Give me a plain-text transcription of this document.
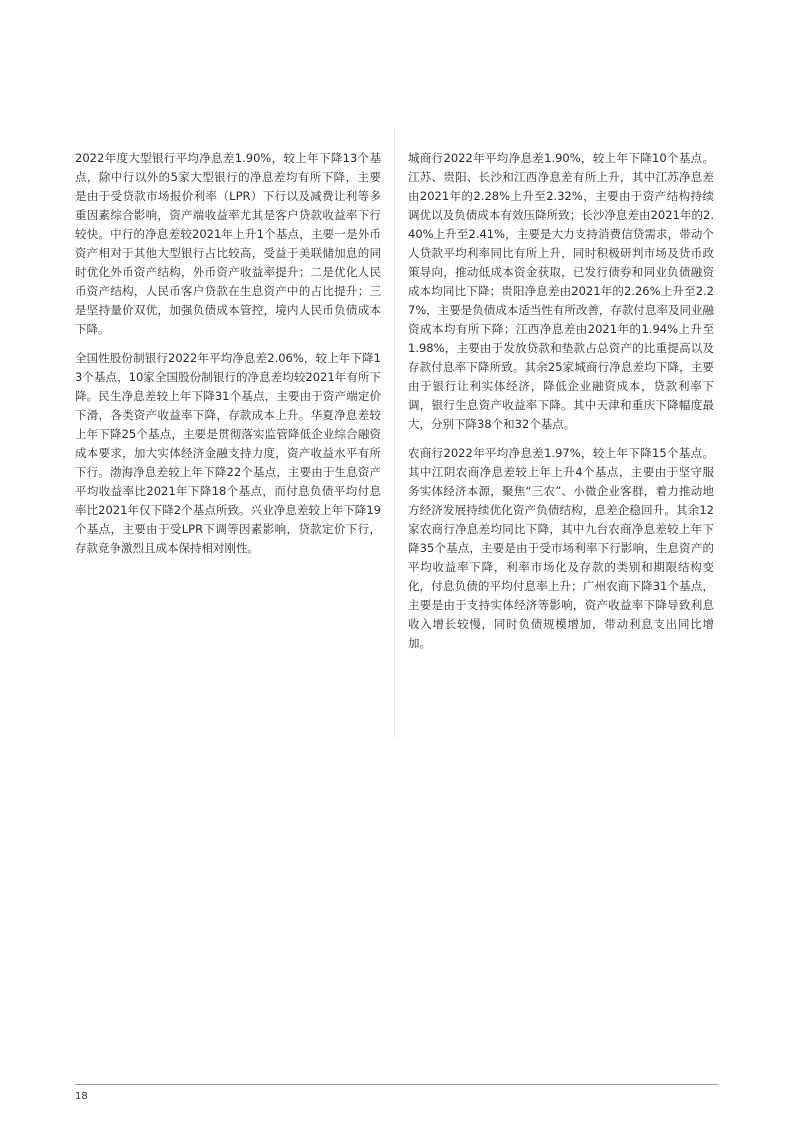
2022年度大型银行平均净息差1.90%，较上年下降13个基点，除中行以外的5家大型银行的净息差均有所下降，主要是由于受贷款市场报价利率（LPR）下行以及减费让利等多重因素综合影响，资产端收益率尤其是客户贷款收益率下行较快。中行的净息差较2021年上升1个基点，主要一是外币资产相对于其他大型银行占比较高，受益于美联储加息的同时优化外币资产结构，外币资产收益率提升；二是优化人民币资产结构，人民币客户贷款在生息资产中的占比提升；三是坚持量价双优，加强负债成本管控，境内人民币负债成本下降。

全国性股份制银行2022年平均净息差2.06%，较上年下降13个基点，10家全国股份制银行的净息差均较2021年有所下降。民生净息差较上年下降31个基点，主要由于资产端定价下滑，各类资产收益率下降，存款成本上升。华夏净息差较上年下降25个基点，主要是贯彻落实监管降低企业综合融资成本要求，加大实体经济金融支持力度，资产收益水平有所下行。渤海净息差较上年下降22个基点，主要由于生息资产平均收益率比2021年下降18个基点，而付息负债平均付息率比2021年仅下降2个基点所致。兴业净息差较上年下降19个基点，主要由于受LPR下调等因素影响，贷款定价下行，存款竞争激烈且成本保持相对刚性。

城商行2022年平均净息差1.90%，较上年下降10个基点。江苏、贵阳、长沙和江西净息差有所上升，其中江苏净息差由2021年的2.28%上升至2.32%，主要由于资产结构持续调优以及负债成本有效压降所致；长沙净息差由2021年的2.40%上升至2.41%，主要是大力支持消费信贷需求，带动个人贷款平均利率同比有所上升，同时积极研判市场及货币政策导向，推动低成本资金获取，已发行债券和同业负债融资成本均同比下降；贵阳净息差由2021年的2.26%上升至2.27%，主要是负债成本适当性有所改善，存款付息率及同业融资成本均有所下降；江西净息差由2021年的1.94%上升至1.98%，主要由于发放贷款和垫款占总资产的比重提高以及存款付息率下降所致。其余25家城商行净息差均下降，主要由于银行让利实体经济，降低企业融资成本，贷款利率下调，银行生息资产收益率下降。其中天津和重庆下降幅度最大，分别下降38个和32个基点。

农商行2022年平均净息差1.97%，较上年下降15个基点。其中江阴农商净息差较上年上升4个基点，主要由于坚守服务实体经济本源，聚焦“三农”、小微企业客群，着力推动地方经济发展持续优化资产负债结构，息差企稳回升。其余12家农商行净息差均同比下降，其中九台农商净息差较上年下降35个基点，主要是由于受市场利率下行影响，生息资产的平均收益率下降，利率市场化及存款的类别和期限结构变化，付息负债的平均付息率上升；广州农商下降31个基点，主要是由于支持实体经济等影响，资产收益率下降导致利息收入增长较慢，同时负债规模增加，带动利息支出同比增加。

18
